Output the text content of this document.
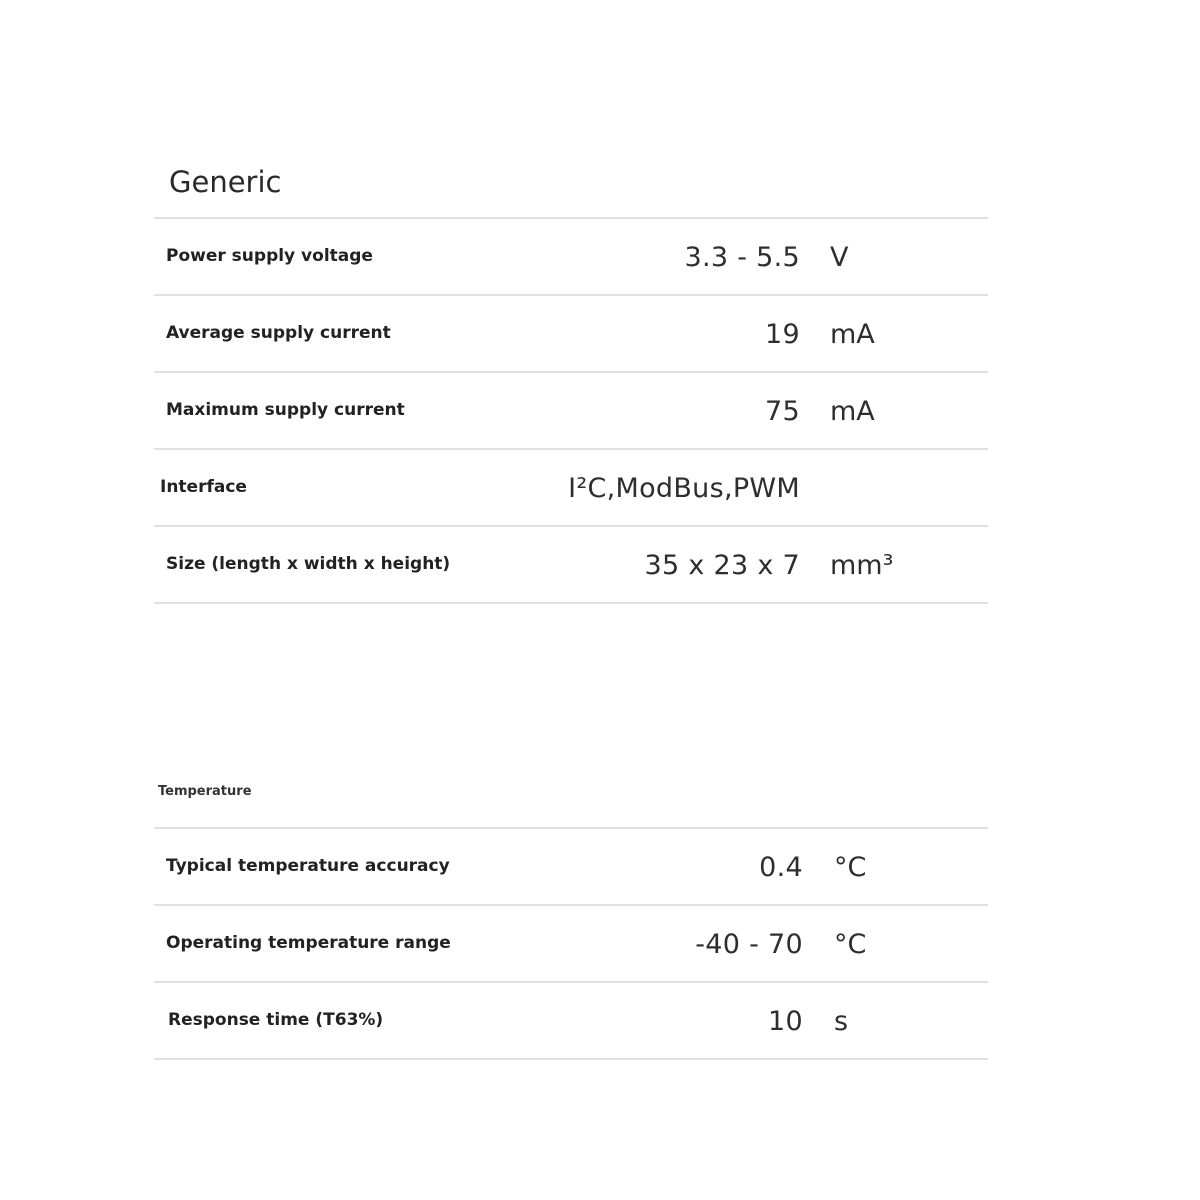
Generic
Power supply voltage	3.3 - 5.5 V
Average supply current	19 mA
Maximum supply current	75 mA
Interface	I²C,ModBus,PWM
Size (length x width x height)	35 x 23 x 7 mm³
Temperature
Typical temperature accuracy	0.4 °C
Operating temperature range	-40 - 70 °C
Response time (T63%)	10 s
